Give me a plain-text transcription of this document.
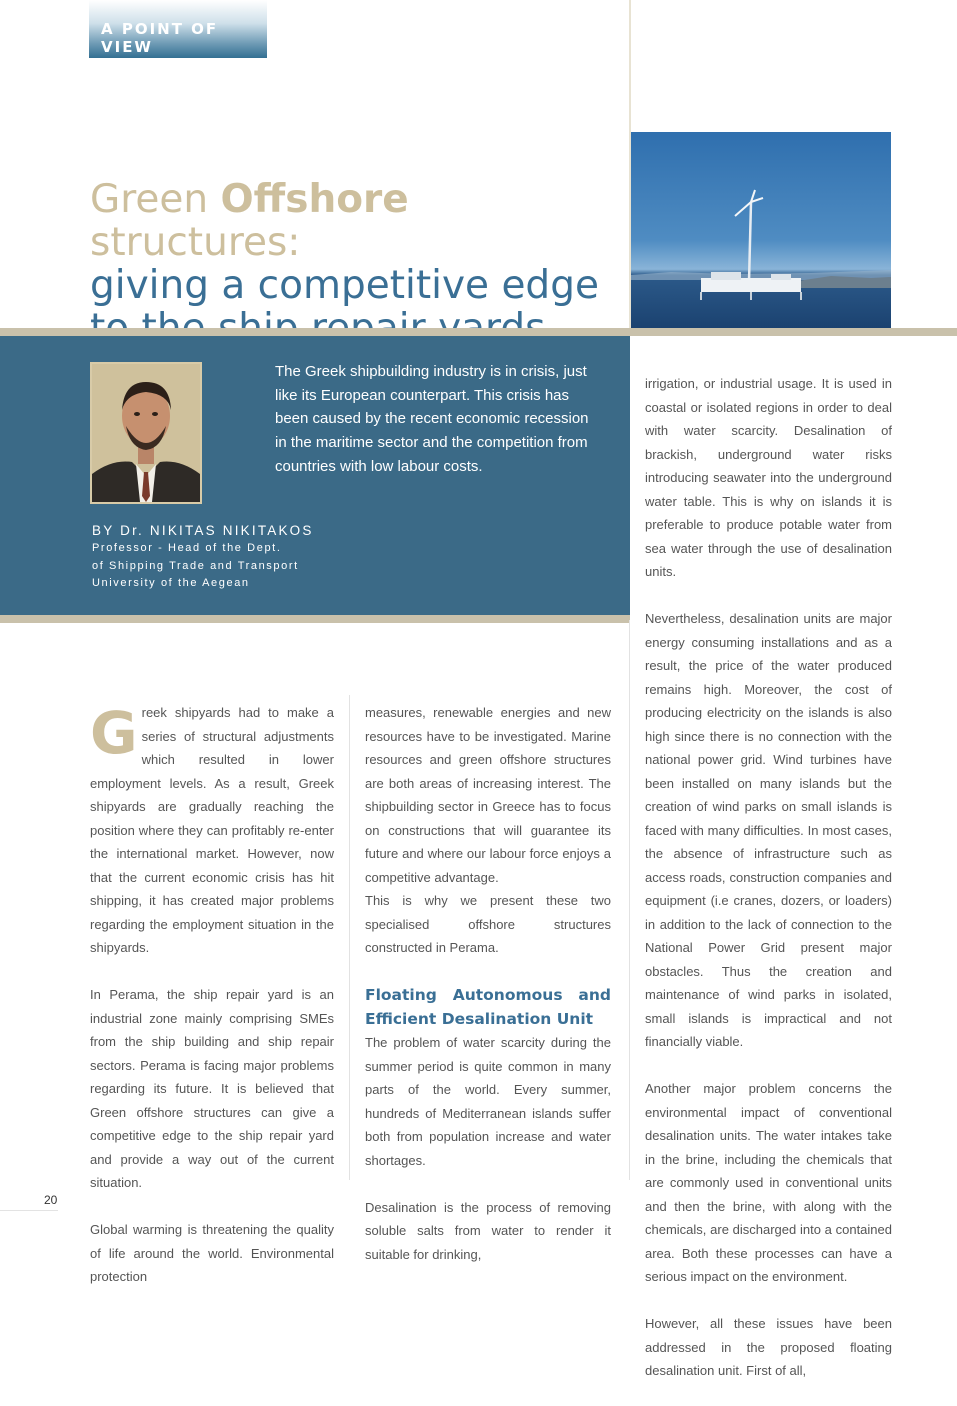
A POINT OF VIEW
Green Offshore structures:
giving a competitive edge

The Greek shipbuilding industry is in crisis, just like its European counterpart. This crisis has been caused by the recent economic recession in the maritime sector and the competition from countries with low labour costs.

BY Dr. NIKITAS NIKITAKOS
Professor - Head of the Dept.
of Shipping Trade and Transport
University of the Aegean

Greek shipyards had to make a series of structural adjustments which resulted in lower employment levels. As a result, Greek shipyards are gradually reaching the position where they can profitably re-enter the international market. However, now that the current economic crisis has hit shipping, it has created major problems regarding the employment situation in the shipyards.

In Perama, the ship repair yard is an industrial zone mainly comprising SMEs from the ship building and ship repair sectors. Perama is facing major problems regarding its future. It is believed that Green offshore structures can give a competitive edge to the ship repair yard and provide a way out of the current situation.

Global warming is threatening the quality of life around the world. Environmental protection

measures, renewable energies and new resources have to be investigated. Marine resources and green offshore structures are both areas of increasing interest. The shipbuilding sector in Greece has to focus on constructions that will guarantee its future and where our labour force enjoys a competitive advantage.

This is why we present these two specialised offshore structures constructed in Perama.

Floating Autonomous and Efficient Desalination Unit

The problem of water scarcity during the summer period is quite common in many parts of the world. Every summer, hundreds of Mediterranean islands suffer both from population increase and water shortages.

Desalination is the process of removing soluble salts from water to render it suitable for drinking,

irrigation, or industrial usage. It is used in coastal or isolated regions in order to deal with water scarcity. Desalination of brackish, underground water risks introducing seawater into the underground water table. This is why on islands it is preferable to produce potable water from sea water through the use of desalination units.

Nevertheless, desalination units are major energy consuming installations and as a result, the price of the water produced remains high. Moreover, the cost of producing electricity on the islands is also high since there is no connection with the national power grid. Wind turbines have been installed on many islands but the creation of wind parks on small islands is faced with many difficulties. In most cases, the absence of infrastructure such as access roads, construction companies and equipment (i.e cranes, dozers, or loaders) in addition to the lack of connection to the National Power Grid present major obstacles. Thus the creation and maintenance of wind parks in isolated, small islands is impractical and not financially viable.

Another major problem concerns the environmental impact of conventional desalination units. The water intakes take in the brine, including the chemicals that are commonly used in conventional units and then the brine, with along with the chemicals, are discharged into a contained area. Both these processes can have a serious impact on the environment.

However, all these issues have been addressed in the proposed floating desalination unit. First of all,

20
